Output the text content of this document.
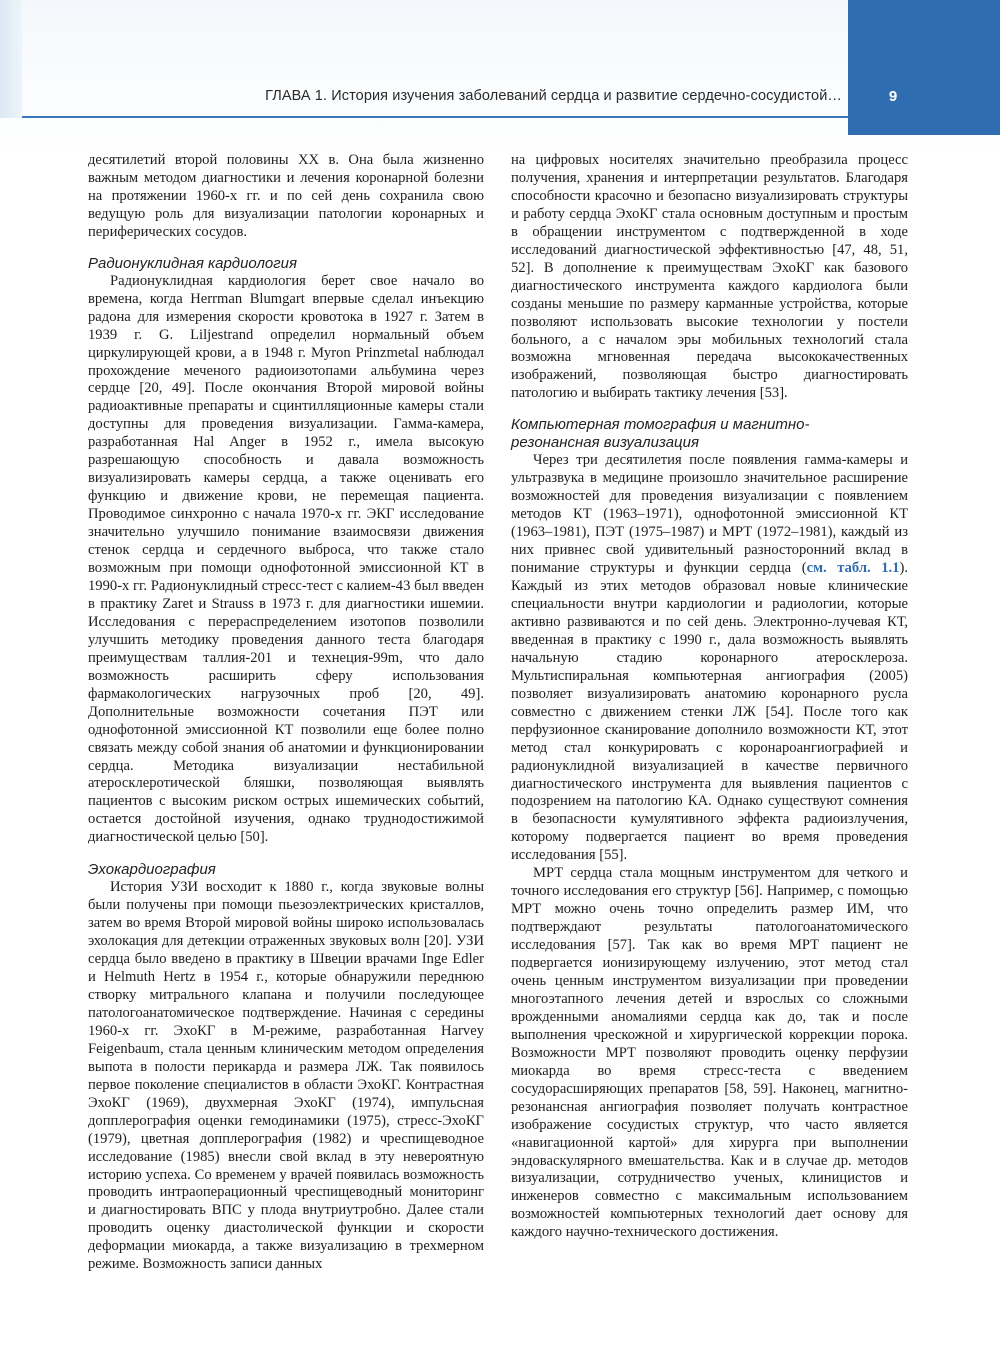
ГЛАВА 1. История изучения заболеваний сердца и развитие сердечно-сосудистой…	9

десятилетий второй половины XX в. Она была жизненно важным методом диагностики и лечения коронарной болезни на протяжении 1960-х гг. и по сей день сохранила свою ведущую роль для визуализации патологии коронарных и периферических сосудов.

Радионуклидная кардиология

Радионуклидная кардиология берет свое начало во времена, когда Herrman Blumgart впервые сделал инъекцию радона для измерения скорости кровотока в 1927 г. Затем в 1939 г. G. Liljestrand определил нормальный объем циркулирующей крови, а в 1948 г. Myron Prinzmetal наблюдал прохождение меченого радиоизотопами альбумина через сердце [20, 49]. После окончания Второй мировой войны радиоактивные препараты и сцинтилляционные камеры стали доступны для проведения визуализации. Гамма-камера, разработанная Hal Anger в 1952 г., имела высокую разрешающую способность и давала возможность визуализировать камеры сердца, а также оценивать его функцию и движение крови, не перемещая пациента. Проводимое синхронно с начала 1970-х гг. ЭКГ исследование значительно улучшило понимание взаимосвязи движения стенок сердца и сердечного выброса, что также стало возможным при помощи однофотонной эмиссионной КТ в 1990-х гг. Радионуклидный стресс-тест с калием-43 был введен в практику Zaret и Strauss в 1973 г. для диагностики ишемии. Исследования с перераспределением изотопов позволили улучшить методику проведения данного теста благодаря преимуществам таллия-201 и технеция-99m, что дало возможность расширить сферу использования фармакологических нагрузочных проб [20, 49]. Дополнительные возможности сочетания ПЭТ или однофотонной эмиссионной КТ позволили еще более полно связать между собой знания об анатомии и функционировании сердца. Методика визуализации нестабильной атеросклеротической бляшки, позволяющая выявлять пациентов с высоким риском острых ишемических событий, остается достойной изучения, однако труднодостижимой диагностической целью [50].

Эхокардиография

История УЗИ восходит к 1880 г., когда звуковые волны были получены при помощи пьезоэлектрических кристаллов, затем во время Второй мировой войны широко использовалась эхолокация для детекции отраженных звуковых волн [20]. УЗИ сердца было введено в практику в Швеции врачами Inge Edler и Helmuth Hertz в 1954 г., которые обнаружили переднюю створку митрального клапана и получили последующее патологоанатомическое подтверждение. Начиная с середины 1960-х гг. ЭхоКГ в M-режиме, разработанная Harvey Feigenbaum, стала ценным клиническим методом определения выпота в полости перикарда и размера ЛЖ. Так появилось первое поколение специалистов в области ЭхоКГ. Контрастная ЭхоКГ (1969), двухмерная ЭхоКГ (1974), импульсная допплерография оценки гемодинамики (1975), стресс-ЭхоКГ (1979), цветная допплерография (1982) и чреспищеводное исследование (1985) внесли свой вклад в эту невероятную историю успеха. Со временем у врачей появилась возможность проводить интраоперационный чреспищеводный мониторинг и диагностировать ВПС у плода внутриутробно. Далее стали проводить оценку диастолической функции и скорости деформации миокарда, а также визуализацию в трехмерном режиме. Возможность записи данных

на цифровых носителях значительно преобразила процесс получения, хранения и интерпретации результатов. Благодаря способности красочно и безопасно визуализировать структуры и работу сердца ЭхоКГ стала основным доступным и простым в обращении инструментом с подтвержденной в ходе исследований диагностической эффективностью [47, 48, 51, 52]. В дополнение к преимуществам ЭхоКГ как базового диагностического инструмента каждого кардиолога были созданы меньшие по размеру карманные устройства, которые позволяют использовать высокие технологии у постели больного, а с началом эры мобильных технологий стала возможна мгновенная передача высококачественных изображений, позволяющая быстро диагностировать патологию и выбирать тактику лечения [53].

Компьютерная томография и магнитно-
резонансная визуализация

Через три десятилетия после появления гамма-камеры и ультразвука в медицине произошло значительное расширение возможностей для проведения визуализации с появлением методов КТ (1963–1971), однофотонной эмиссионной КТ (1963–1981), ПЭТ (1975–1987) и МРТ (1972–1981), каждый из них привнес свой удивительный разносторонний вклад в понимание структуры и функции сердца (см. табл. 1.1). Каждый из этих методов образовал новые клинические специальности внутри кардиологии и радиологии, которые активно развиваются и по сей день. Электронно-лучевая КТ, введенная в практику с 1990 г., дала возможность выявлять начальную стадию коронарного атеросклероза. Мультиспиральная компьютерная ангиография (2005) позволяет визуализировать анатомию коронарного русла совместно с движением стенки ЛЖ [54]. После того как перфузионное сканирование дополнило возможности КТ, этот метод стал конкурировать с коронароангиографией и радионуклидной визуализацией в качестве первичного диагностического инструмента для выявления пациентов с подозрением на патологию КА. Однако существуют сомнения в безопасности кумулятивного эффекта радиоизлучения, которому подвергается пациент во время проведения исследования [55].

МРТ сердца стала мощным инструментом для четкого и точного исследования его структур [56]. Например, с помощью МРТ можно очень точно определить размер ИМ, что подтверждают результаты патологоанатомического исследования [57]. Так как во время МРТ пациент не подвергается ионизирующему излучению, этот метод стал очень ценным инструментом визуализации при проведении многоэтапного лечения детей и взрослых со сложными врожденными аномалиями сердца как до, так и после выполнения чрескожной и хирургической коррекции порока. Возможности МРТ позволяют проводить оценку перфузии миокарда во время стресс-теста с введением сосудорасширяющих препаратов [58, 59]. Наконец, магнитно-резонансная ангиография позволяет получать контрастное изображение сосудистых структур, что часто является «навигационной картой» для хирурга при выполнении эндоваскулярного вмешательства. Как и в случае др. методов визуализации, сотрудничество ученых, клиницистов и инженеров совместно с максимальным использованием возможностей компьютерных технологий дает основу для каждого научно-технического достижения.
